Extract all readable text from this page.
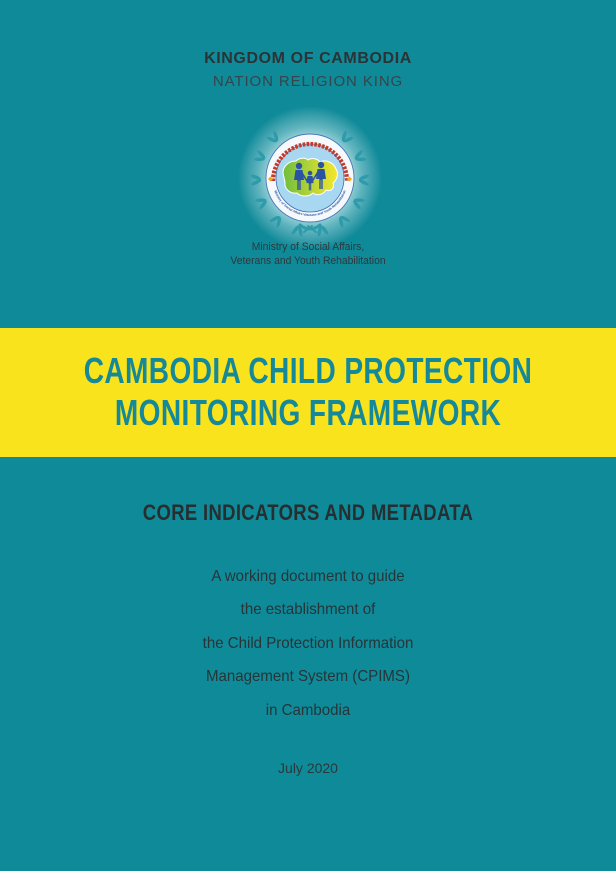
KINGDOM OF CAMBODIA
NATION RELIGION KING
Ministry of Social Affairs Veterans and Youth Rehabilitation
Ministry of Social Affairs,
Veterans and Youth Rehabilitation
CAMBODIA CHILD PROTECTION
MONITORING FRAMEWORK
CORE INDICATORS AND METADATA
A working document to guide
the establishment of
the Child Protection Information
Management System (CPIMS)
in Cambodia
July 2020
